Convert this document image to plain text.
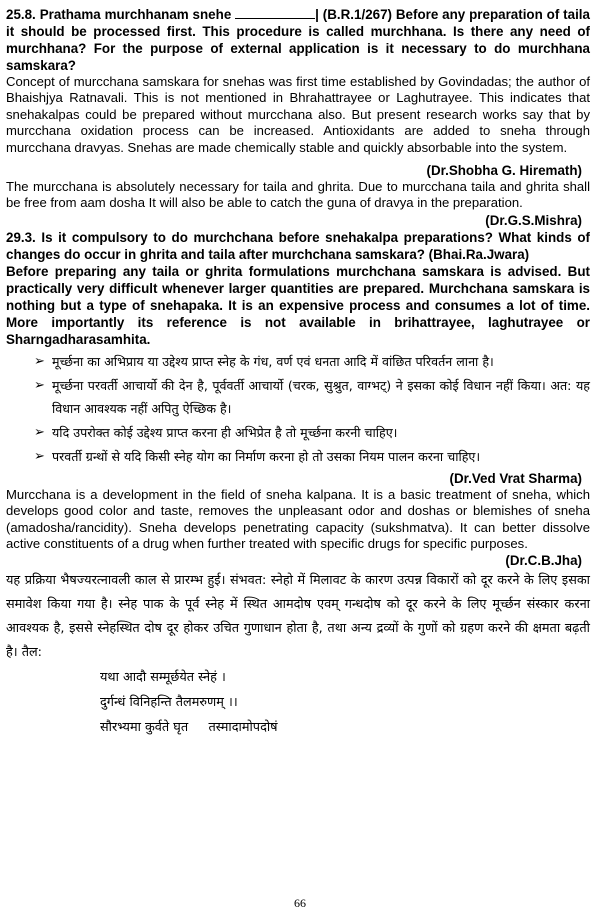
25.8. Prathama murchhanam snehe	| (B.R.1/267) Before any preparation of taila it should be processed first. This procedure is called murchhana. Is there any need of murchhana? For the purpose of external application is it necessary to do murchhana samskara?

Concept of murcchana samskara for snehas was first time established by Govindadas; the author of Bhaishjya Ratnavali. This is not mentioned in Bhrahattrayee or Laghutrayee. This indicates that snehakalpas could be prepared without murcchana also. But present research works say that by murcchana oxidation process can be increased. Antioxidants are added to sneha through murcchana dravyas. Snehas are made chemically stable and quickly absorbable into the system.

(Dr.Shobha G. Hiremath)

The murcchana is absolutely necessary for taila and ghrita. Due to murcchana taila and ghrita shall be free from aam dosha It will also be able to catch the guna of dravya in the preparation.

(Dr.G.S.Mishra)

29.3. Is it compulsory to do murchchana before snehakalpa preparations? What kinds of changes do occur in ghrita and taila after murchchana samskara? (Bhai.Ra.Jwara)

Before preparing any taila or ghrita formulations murchchana samskara is advised. But practically very difficult whenever larger quantities are prepared. Murchchana samskara is nothing but a type of snehapaka. It is an expensive process and consumes a lot of time. More importantly its reference is not available in brihattrayee, laghutrayee or Sharngadharasamhita.

➢ मूर्च्छना का अभिप्राय या उद्देश्य प्राप्त स्नेह के गंध, वर्ण एवं धनता आदि में वांछित परिवर्तन लाना है।
➢ मूर्च्छना परवर्ती आचार्यो की देन है, पूर्ववर्ती आचार्यो (चरक, सुश्रुत, वाग्भट्) ने इसका कोई विधान नहीं किया। अत: यह विधान आवश्यक नहीं अपितु ऐच्छिक है।
➢ यदि उपरोक्त कोई उद्देश्य प्राप्त करना ही अभिप्रेत है तो मूर्च्छना करनी चाहिए।
➢ परवर्ती ग्रन्थों से यदि किसी स्नेह योग का निर्माण करना हो तो उसका नियम पालन करना चाहिए।

(Dr.Ved Vrat Sharma)

Murcchana is a development in the field of sneha kalpana. It is a basic treatment of sneha, which develops good color and taste, removes the unpleasant odor and doshas or blemishes of sneha (amadosha/rancidity). Sneha develops penetrating capacity (sukshmatva). It can better dissolve active constituents of a drug when further treated with specific drugs for specific purposes.

(Dr.C.B.Jha)

यह प्रक्रिया भैषज्यरत्नावली काल से प्रारम्भ हुई। संभवत: स्नेहो में मिलावट के कारण उत्पन्न विकारों को दूर करने के लिए इसका समावेश किया गया है। स्नेह पाक के पूर्व स्नेह में स्थित आमदोष एवम् गन्धदोष को दूर करने के लिए मूर्च्छन संस्कार करना आवश्यक है, इससे स्नेहस्थित दोष दूर होकर उचित गुणाधान होता है, तथा अन्य द्रव्यों के गुणों को ग्रहण करने की क्षमता बढ़ती है। तैल:

यथा आदौ सम्मूर्छयेत स्नेहं ।

दुर्गन्धं विनिहन्ति तैलमरुणम् ।।

सौरभ्यमा कुर्वते घृत     तस्मादामोपदोषं

66
